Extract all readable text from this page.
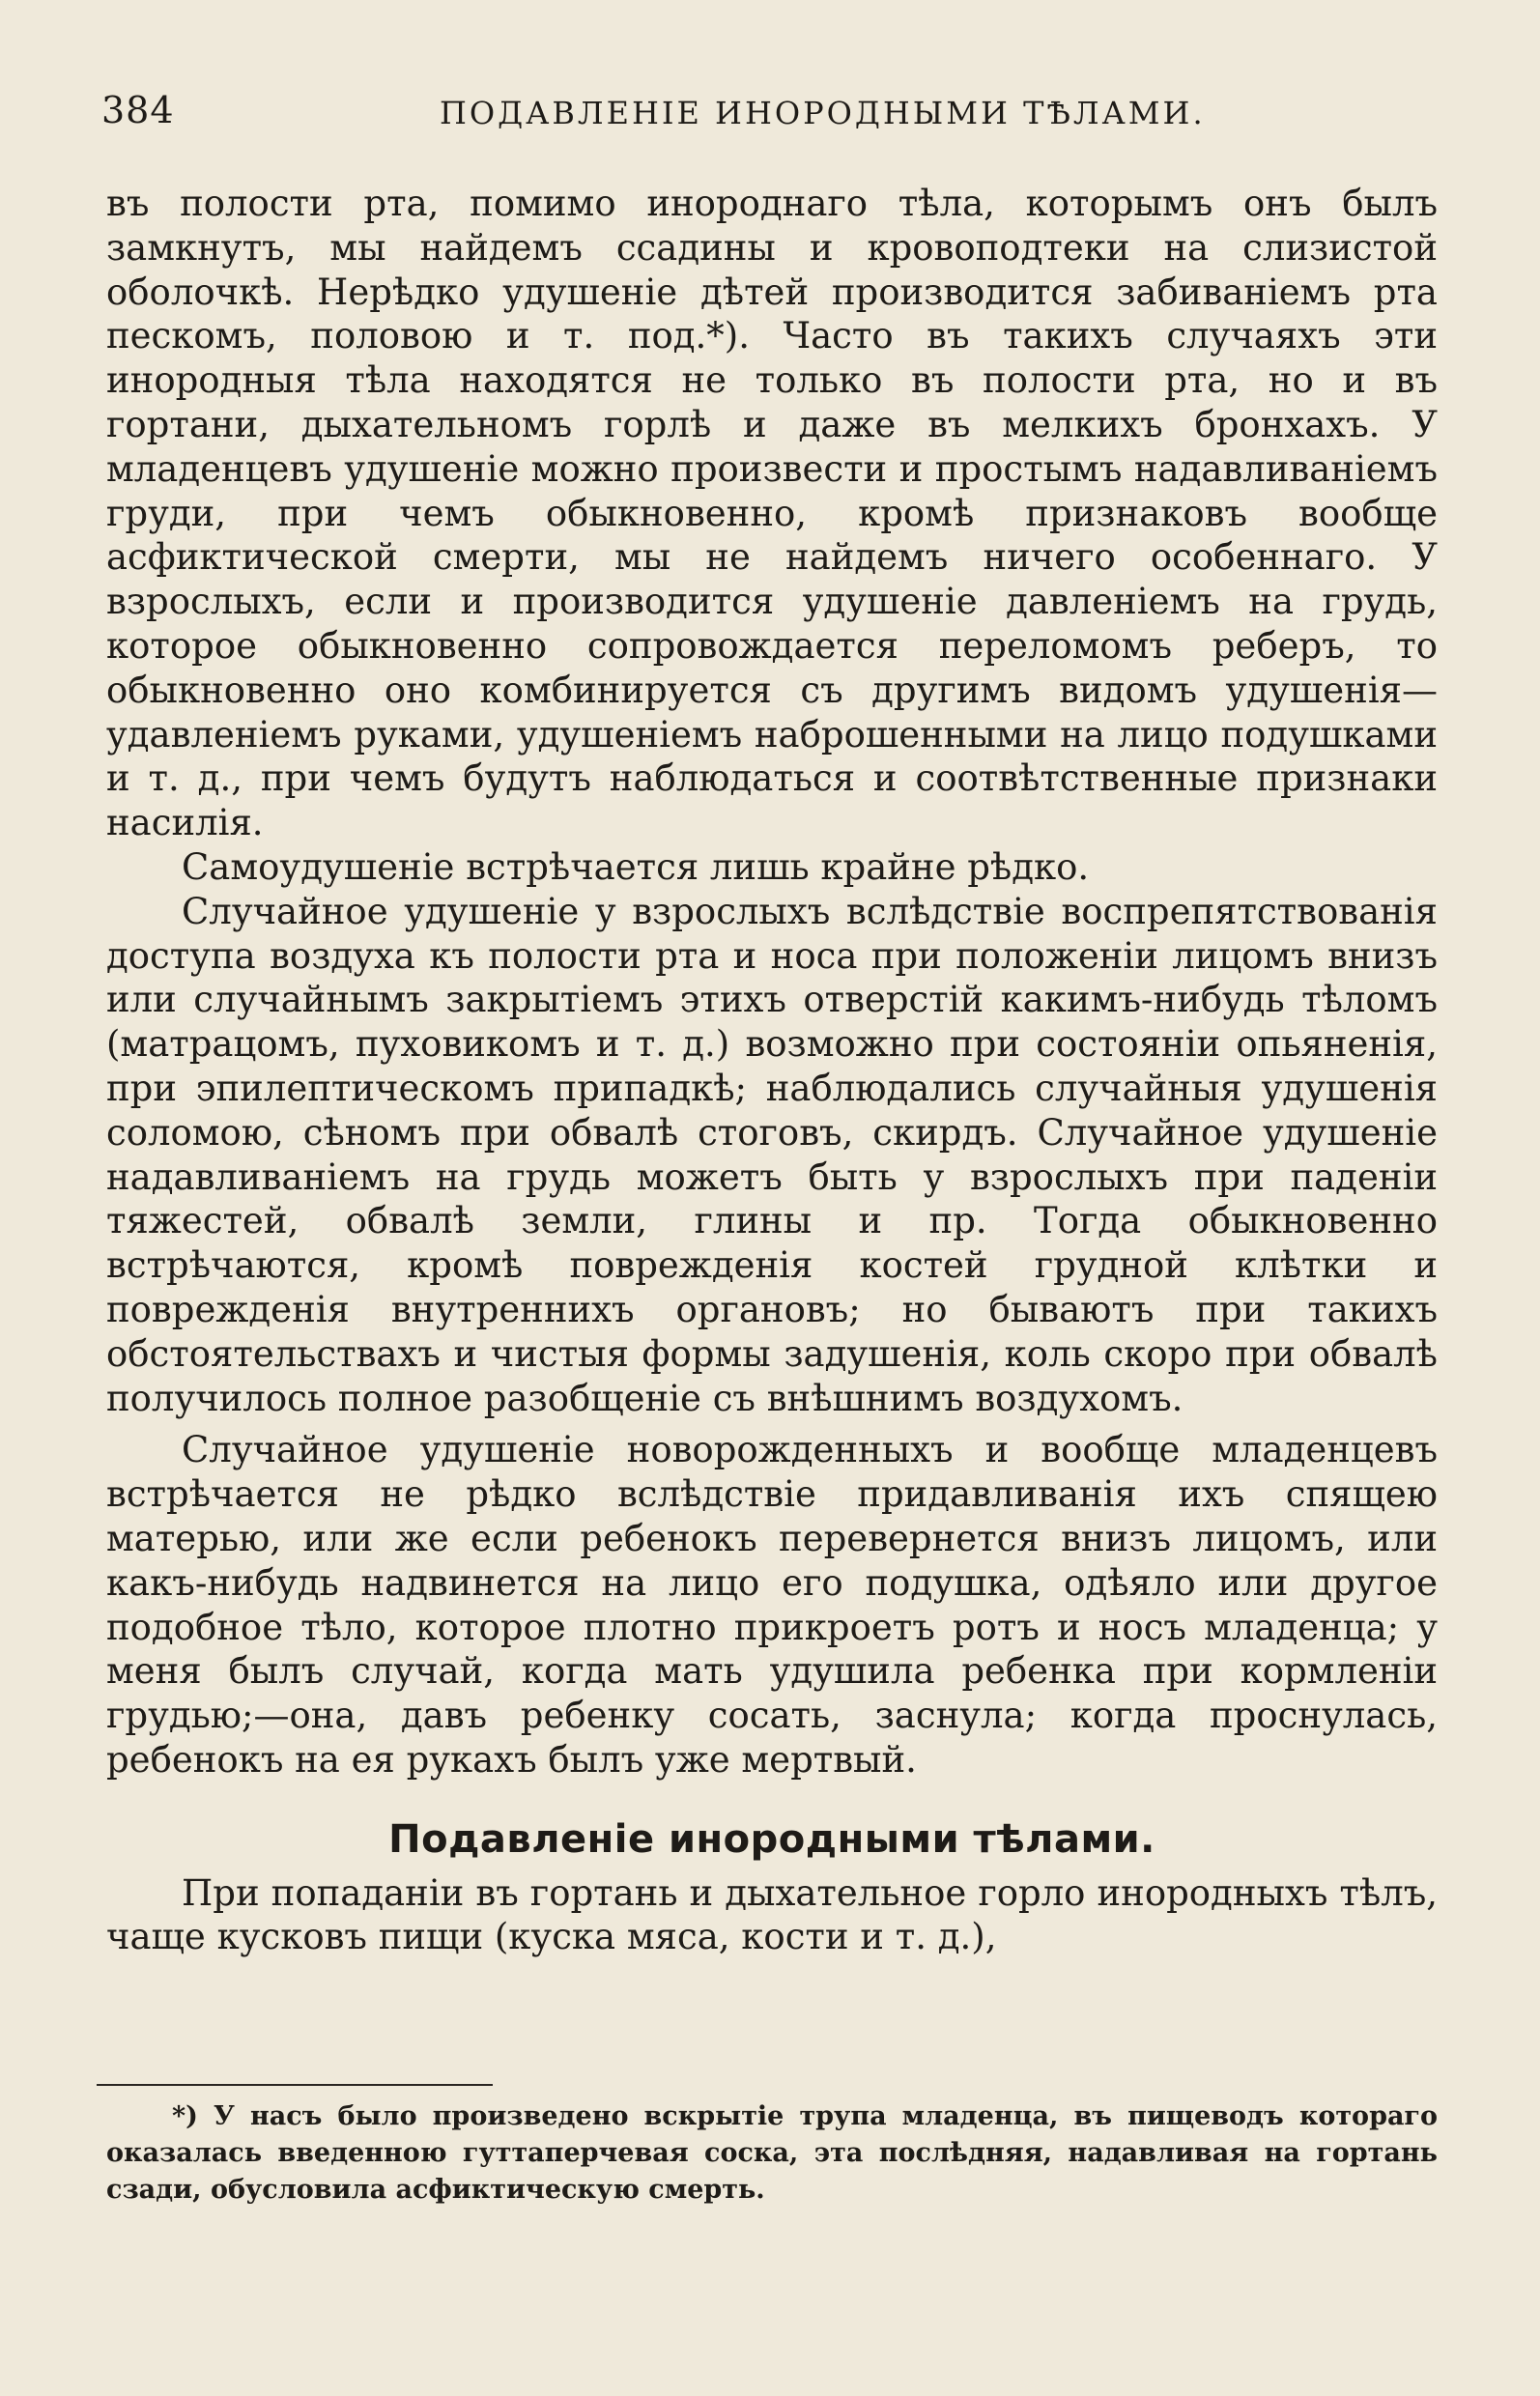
384	ПОДАВЛЕНІЕ ИНОРОДНЫМИ ТѢЛАМИ.

въ полости рта, помимо инороднаго тѣла, которымъ онъ былъ замкнутъ, мы найдемъ ссадины и кровоподтеки на слизистой оболочкѣ. Нерѣдко удушеніе дѣтей производится забиваніемъ рта пескомъ, половою и т. под.*). Часто въ такихъ случаяхъ эти инородныя тѣла находятся не только въ полости рта, но и въ гортани, дыхательномъ горлѣ и даже въ мелкихъ бронхахъ. У младенцевъ удушеніе можно произвести и простымъ надавливаніемъ груди, при чемъ обыкновенно, кромѣ признаковъ вообще асфиктической смерти, мы не найдемъ ничего особеннаго. У взрослыхъ, если и производится удушеніе давленіемъ на грудь, которое обыкновенно сопровождается переломомъ реберъ, то обыкновенно оно комбинируется съ другимъ видомъ удушенія—удавленіемъ руками, удушеніемъ наброшенными на лицо подушками и т. д., при чемъ будутъ наблюдаться и соотвѣтственные признаки насилія.

Самоудушеніе встрѣчается лишь крайне рѣдко.

Случайное удушеніе у взрослыхъ вслѣдствіе воспрепятствованія доступа воздуха къ полости рта и носа при положеніи лицомъ внизъ или случайнымъ закрытіемъ этихъ отверстій какимъ-нибудь тѣломъ (матрацомъ, пуховикомъ и т. д.) возможно при состояніи опьяненія, при эпилептическомъ припадкѣ; наблюдались случайныя удушенія соломою, сѣномъ при обвалѣ стоговъ, скирдъ. Случайное удушеніе надавливаніемъ на грудь можетъ быть у взрослыхъ при паденіи тяжестей, обвалѣ земли, глины и пр. Тогда обыкновенно встрѣчаются, кромѣ поврежденія костей грудной клѣтки и поврежденія внутреннихъ органовъ; но бываютъ при такихъ обстоятельствахъ и чистыя формы задушенія, коль скоро при обвалѣ получилось полное разобщеніе съ внѣшнимъ воздухомъ.

Случайное удушеніе новорожденныхъ и вообще младенцевъ встрѣчается не рѣдко вслѣдствіе придавливанія ихъ спящею матерью, или же если ребенокъ перевернется внизъ лицомъ, или какъ-нибудь надвинется на лицо его подушка, одѣяло или другое подобное тѣло, которое плотно прикроетъ ротъ и носъ младенца; у меня былъ случай, когда мать удушила ребенка при кормленіи грудью;—она, давъ ребенку сосать, заснула; когда проснулась, ребенокъ на ея рукахъ былъ уже мертвый.

Подавленіе инородными тѣлами.

При попаданіи въ гортань и дыхательное горло инородныхъ тѣлъ, чаще кусковъ пищи (куска мяса, кости и т. д.),

*) У насъ было произведено вскрытіе трупа младенца, въ пищеводъ котораго оказалась введенною гуттаперчевая соска, эта послѣдняя, надавливая на гортань сзади, обусловила асфиктическую смерть.
